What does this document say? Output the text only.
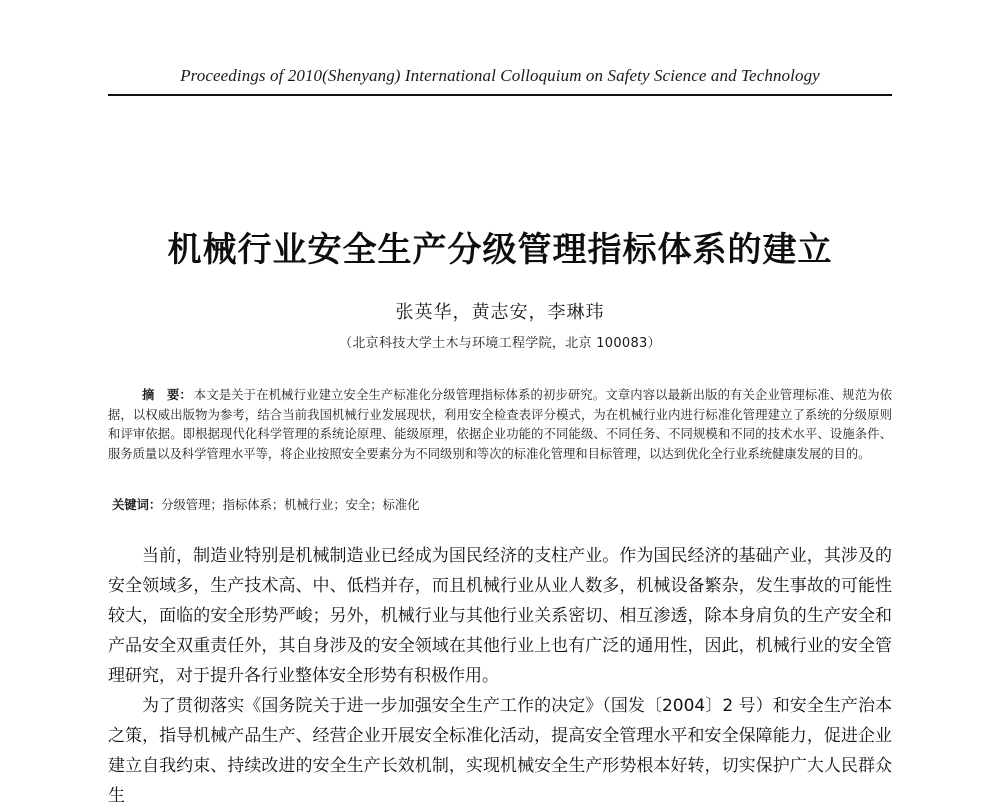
Proceedings of 2010(Shenyang) International Colloquium on Safety Science and Technology
机械行业安全生产分级管理指标体系的建立
张英华，黄志安，李琳玮
（北京科技大学土木与环境工程学院，北京 100083）
摘　要： 本文是关于在机械行业建立安全生产标准化分级管理指标体系的初步研究。文章内容以最新出版的有关企业管理标准、规范为依据，以权威出版物为参考，结合当前我国机械行业发展现状，利用安全检查表评分模式，为在机械行业内进行标准化管理建立了系统的分级原则和评审依据。即根据现代化科学管理的系统论原理、能级原理，依据企业功能的不同能级、不同任务、不同规模和不同的技术水平、设施条件、服务质量以及科学管理水平等，将企业按照安全要素分为不同级别和等次的标准化管理和目标管理，以达到优化全行业系统健康发展的目的。
关键词：分级管理；指标体系；机械行业；安全；标准化

当前，制造业特别是机械制造业已经成为国民经济的支柱产业。作为国民经济的基础产业，其涉及的安全领域多，生产技术高、中、低档并存，而且机械行业从业人数多，机械设备繁杂，发生事故的可能性较大，面临的安全形势严峻；另外，机械行业与其他行业关系密切、相互渗透，除本身肩负的生产安全和产品安全双重责任外，其自身涉及的安全领域在其他行业上也有广泛的通用性，因此，机械行业的安全管理研究，对于提升各行业整体安全形势有积极作用。

为了贯彻落实《国务院关于进一步加强安全生产工作的决定》（国发〔2004〕2 号）和安全生产治本之策，指导机械产品生产、经营企业开展安全标准化活动，提高安全管理水平和安全保障能力，促进企业建立自我约束、持续改进的安全生产长效机制，实现机械安全生产形势根本好转，切实保护广大人民群众生
